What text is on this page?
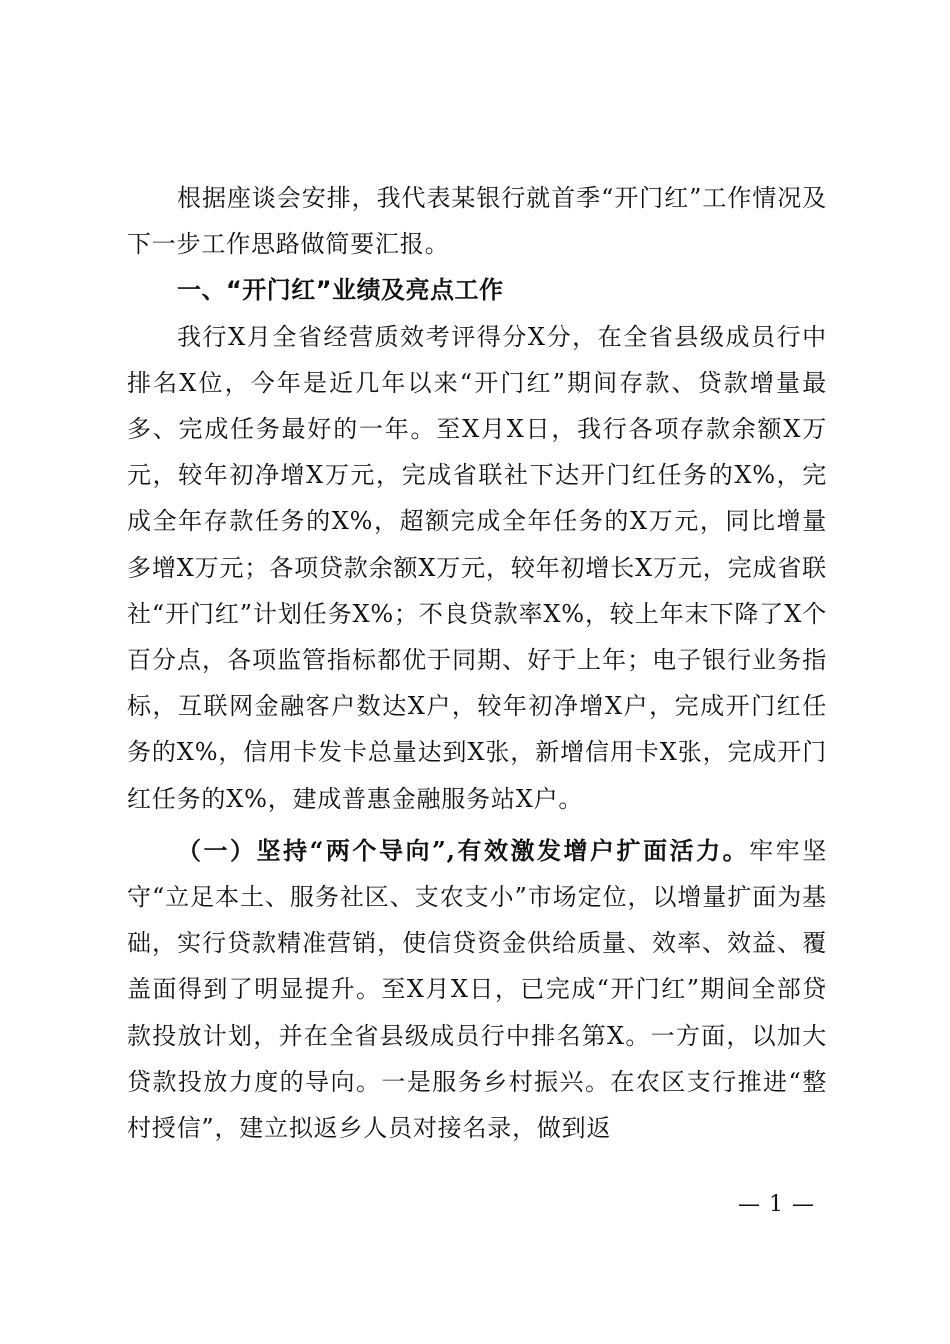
根据座谈会安排，我代表某银行就首季“开门红”工作情况及下一步工作思路做简要汇报。

一、“开门红”业绩及亮点工作

我行X月全省经营质效考评得分X分，在全省县级成员行中排名X位，今年是近几年以来“开门红”期间存款、贷款增量最多、完成任务最好的一年。至X月X日，我行各项存款余额X万元，较年初净增X万元，完成省联社下达开门红任务的X%，完成全年存款任务的X%，超额完成全年任务的X万元，同比增量多增X万元；各项贷款余额X万元，较年初增长X万元，完成省联社“开门红”计划任务X%；不良贷款率X%，较上年末下降了X个百分点，各项监管指标都优于同期、好于上年；电子银行业务指标，互联网金融客户数达X户，较年初净增X户，完成开门红任务的X%，信用卡发卡总量达到X张，新增信用卡X张，完成开门红任务的X%，建成普惠金融服务站X户。

（一）坚持“两个导向”,有效激发增户扩面活力。牢牢坚守“立足本土、服务社区、支农支小”市场定位，以增量扩面为基础，实行贷款精准营销，使信贷资金供给质量、效率、效益、覆盖面得到了明显提升。至X月X日，已完成“开门红”期间全部贷款投放计划，并在全省县级成员行中排名第X。一方面，以加大贷款投放力度的导向。一是服务乡村振兴。在农区支行推进“整村授信”，建立拟返乡人员对接名录，做到返

— 1 —
